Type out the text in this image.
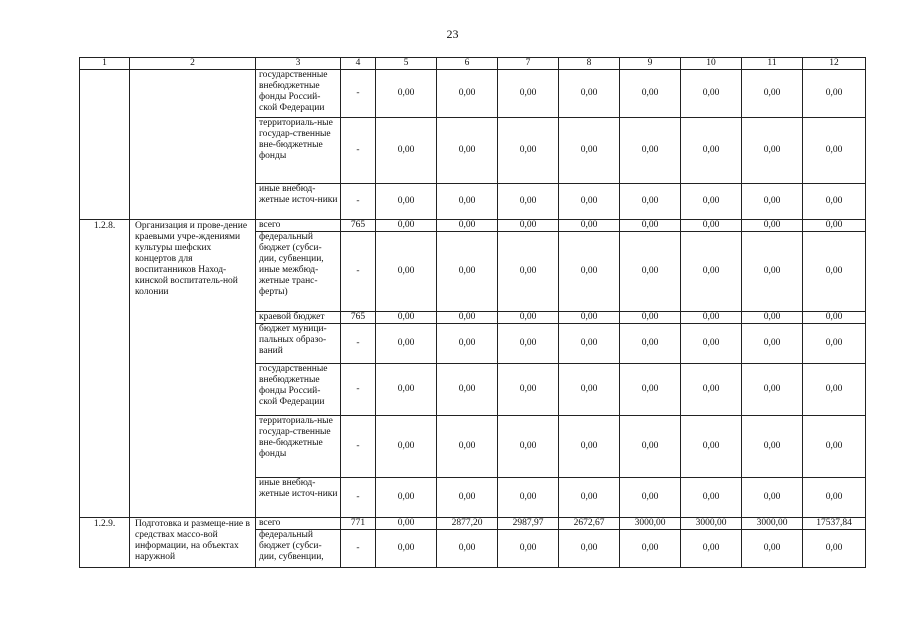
23
1	2	3	4	5	6	7	8	9	10	11	12
		государственные внебюджетные фонды Россий-ской Федерации	-	0,00	0,00	0,00	0,00	0,00	0,00	0,00	0,00
		территориаль-ные государ-ственные вне-бюджетные фонды	-	0,00	0,00	0,00	0,00	0,00	0,00	0,00	0,00
		иные внебюд-жетные источ-ники	-	0,00	0,00	0,00	0,00	0,00	0,00	0,00	0,00
1.2.8.	Организация и прове-дение краевыми учре-ждениями культуры шефских концертов для воспитанников Наход-кинской воспитатель-ной колонии	всего	765	0,00	0,00	0,00	0,00	0,00	0,00	0,00	0,00
		федеральный бюджет (субси-дии, субвенции, иные межбюд-жетные транс-ферты)	-	0,00	0,00	0,00	0,00	0,00	0,00	0,00	0,00
		краевой бюджет	765	0,00	0,00	0,00	0,00	0,00	0,00	0,00	0,00
		бюджет муници-пальных образо-ваний	-	0,00	0,00	0,00	0,00	0,00	0,00	0,00	0,00
		государственные внебюджетные фонды Россий-ской Федерации	-	0,00	0,00	0,00	0,00	0,00	0,00	0,00	0,00
		территориаль-ные государ-ственные вне-бюджетные фонды	-	0,00	0,00	0,00	0,00	0,00	0,00	0,00	0,00
		иные внебюд-жетные источ-ники	-	0,00	0,00	0,00	0,00	0,00	0,00	0,00	0,00
1.2.9.	Подготовка и размеще-ние в средствах массо-вой информации, на объектах наружной	всего	771	0,00	2877,20	2987,97	2672,67	3000,00	3000,00	3000,00	17537,84
		федеральный бюджет (субси-дии, субвенции,	-	0,00	0,00	0,00	0,00	0,00	0,00	0,00	0,00
